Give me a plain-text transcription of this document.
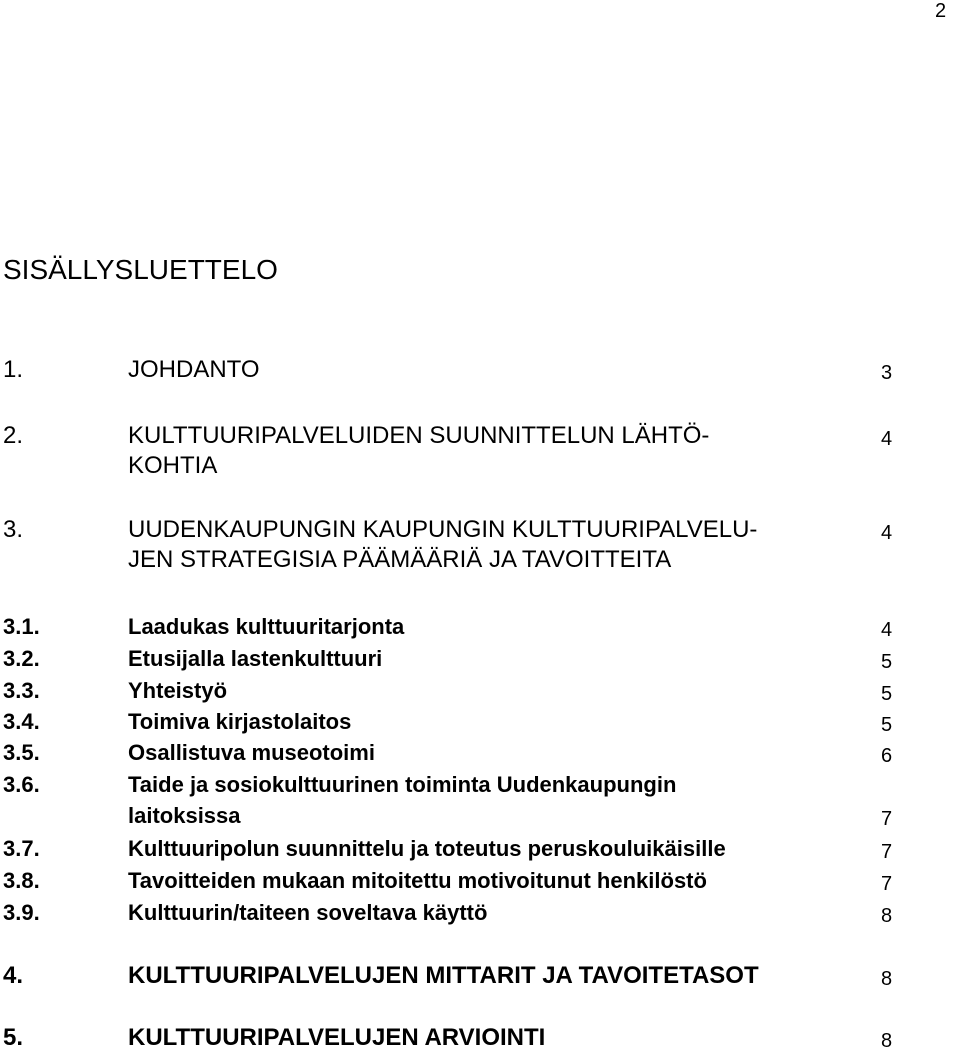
2
SISÄLLYSLUETTELO
1.	JOHDANTO	3
2.	KULTTUURIPALVELUIDEN SUUNNITTELUN LÄHTÖ-	4
KOHTIA
3.	UUDENKAUPUNGIN KAUPUNGIN KULTTUURIPALVELU-	4
JEN STRATEGISIA PÄÄMÄÄRIÄ JA TAVOITTEITA
3.1.	Laadukas kulttuuritarjonta	4
3.2.	Etusijalla lastenkulttuuri	5
3.3.	Yhteistyö	5
3.4.	Toimiva kirjastolaitos	5
3.5.	Osallistuva museotoimi	6
3.6.	Taide ja sosiokulttuurinen toiminta Uudenkaupungin
laitoksissa	7
3.7.	Kulttuuripolun suunnittelu ja toteutus peruskouluikäisille	7
3.8.	Tavoitteiden mukaan mitoitettu motivoitunut henkilöstö	7
3.9.	Kulttuurin/taiteen soveltava käyttö	8
4.	KULTTUURIPALVELUJEN MITTARIT JA TAVOITETASOT	8
5.	KULTTUURIPALVELUJEN ARVIOINTI	8
